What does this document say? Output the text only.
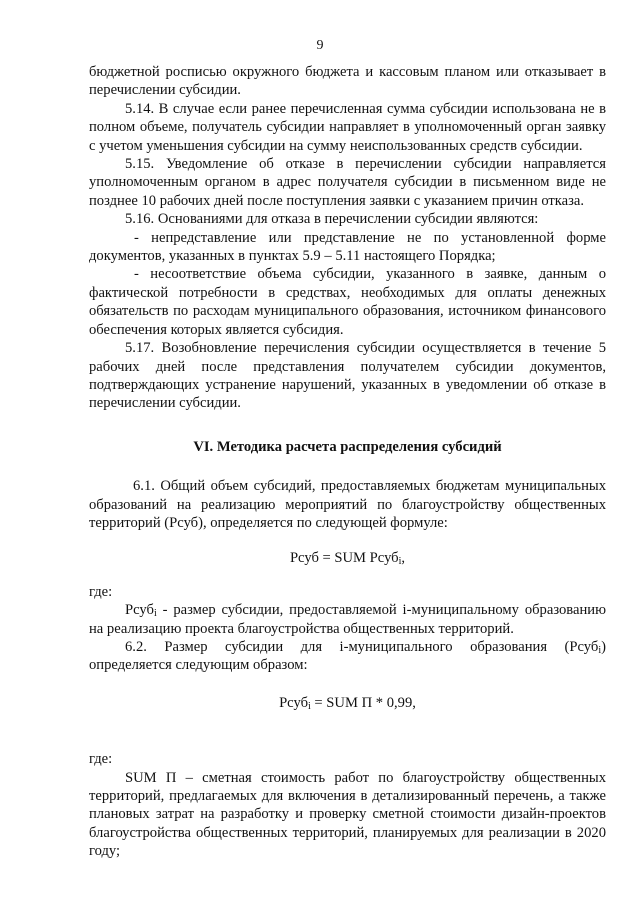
9

бюджетной росписью окружного бюджета и кассовым планом или отказывает в перечислении субсидии.

5.14. В случае если ранее перечисленная сумма субсидии использована не в полном объеме, получатель субсидии направляет в уполномоченный орган заявку с учетом уменьшения субсидии на сумму неиспользованных средств субсидии.

5.15. Уведомление об отказе в перечислении субсидии направляется уполномоченным органом в адрес получателя субсидии в письменном виде не позднее 10 рабочих дней после поступления заявки с указанием причин отказа.

5.16. Основаниями для отказа в перечислении субсидии являются:

- непредставление или представление не по установленной форме документов, указанных в пунктах 5.9 – 5.11 настоящего Порядка;

- несоответствие объема субсидии, указанного в заявке, данным о фактической потребности в средствах, необходимых для оплаты денежных обязательств по расходам муниципального образования, источником финансового обеспечения которых является субсидия.

5.17. Возобновление перечисления субсидии осуществляется в течение 5 рабочих дней после представления получателем субсидии документов, подтверждающих устранение нарушений, указанных в уведомлении об отказе в перечислении субсидии.

VI. Методика расчета распределения субсидий

6.1. Общий объем субсидий, предоставляемых бюджетам муниципальных образований на реализацию мероприятий по благоустройству общественных территорий (Рсуб), определяется по следующей формуле:

Рсуб = SUM Рсуб$_i$,

где:

Рсуб$_i$ - размер субсидии, предоставляемой i-муниципальному образованию на реализацию проекта благоустройства общественных территорий.

6.2. Размер субсидии для i-муниципального образования (Рсуб$_i$) определяется следующим образом:

Рсуб$_i$ = SUM П * 0,99,

где:

SUM П – сметная стоимость работ по благоустройству общественных территорий, предлагаемых для включения в детализированный перечень, а также плановых затрат на разработку и проверку сметной стоимости дизайн-проектов благоустройства общественных территорий, планируемых для реализации в 2020 году;
